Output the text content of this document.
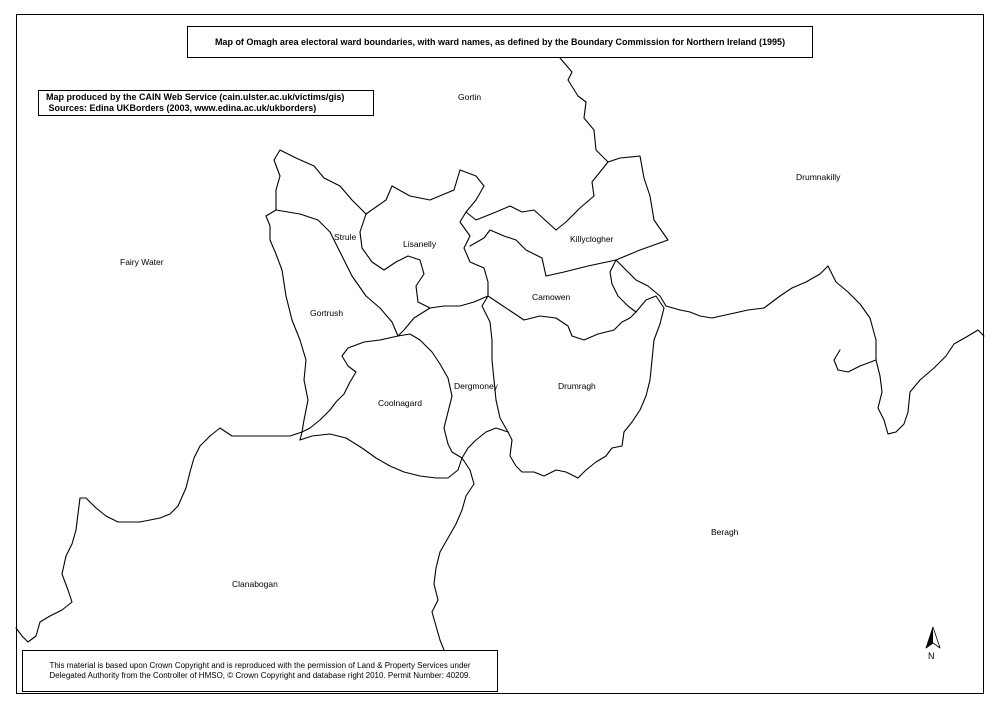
Gortin
Drumnakilly
Strule
Lisanelly	Killyclogher
Fairy Water
Camowen
Gortrush
Dergmoney	Drumragh
Coolnagard
Beragh
Clanabogan
Map of Omagh area electoral ward boundaries, with ward names, as defined by the Boundary Commission for Northern Ireland (1995)
Map produced by the CAIN Web Service (cain.ulster.ac.uk/victims/gis)
Sources: Edina UKBorders (2003, www.edina.ac.uk/ukborders)
This material is based upon Crown Copyright and is reproduced with the permission of Land & Property Services under
Delegated Authority from the Controller of HMSO, © Crown Copyright and database right 2010. Permit Number: 40209.
N
